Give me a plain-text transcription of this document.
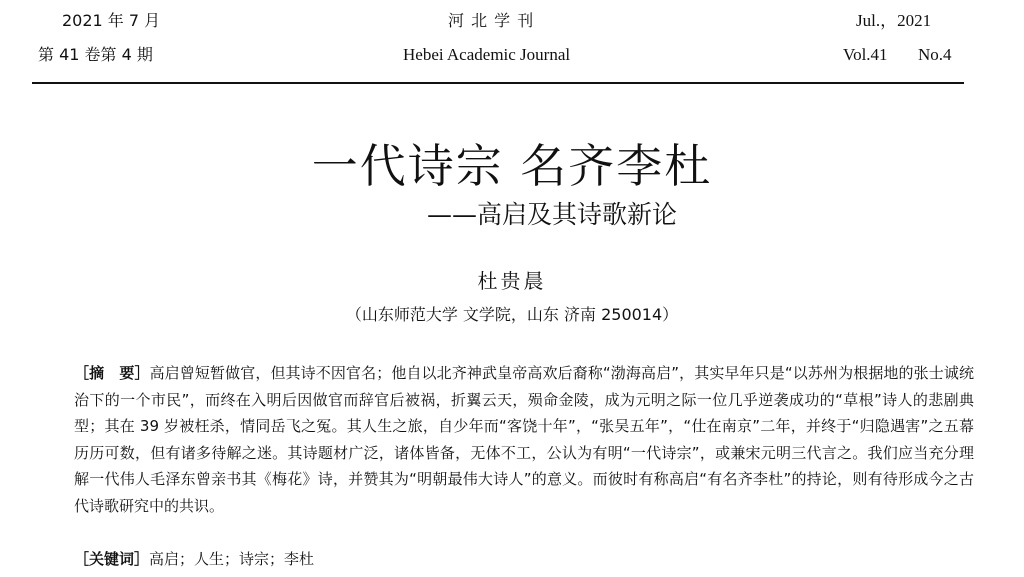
2021 年 7 月	河 北 学 刊	Jul.，2021
第 41 卷第 4 期	Hebei Academic Journal	Vol.41 No.4
一代诗宗 名齐李杜
——高启及其诗歌新论
杜贵晨
（山东师范大学 文学院，山东 济南 250014）

［摘　要］高启曾短暂做官，但其诗不因官名；他自以北齐神武皇帝高欢后裔称“渤海高启”，其实早年只是“以苏州为根据地的张士诚统治下的一个市民”，而终在入明后因做官而辞官后被祸，折翼云天，殒命金陵，成为元明之际一位几乎逆袭成功的“草根”诗人的悲剧典型；其在 39 岁被枉杀，情同岳飞之冤。其人生之旅，自少年而“客饶十年”，“张吴五年”，“仕在南京”二年，并终于“归隐遇害”之五幕历历可数，但有诸多待解之迷。其诗题材广泛，诸体皆备，无体不工，公认为有明“一代诗宗”，或兼宋元明三代言之。我们应当充分理解一代伟人毛泽东曾亲书其《梅花》诗，并赞其为“明朝最伟大诗人”的意义。而彼时有称高启“有名齐李杜”的持论，则有待形成今之古代诗歌研究中的共识。

［关键词］高启；人生；诗宗；李杜
